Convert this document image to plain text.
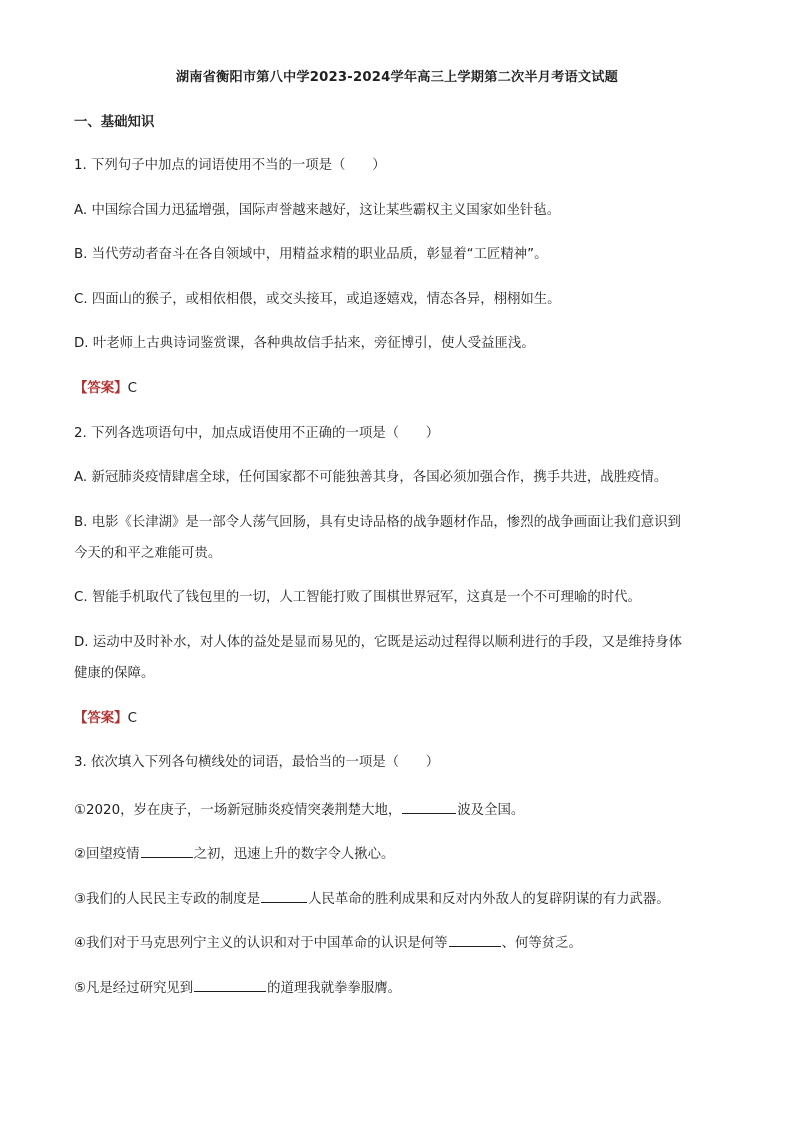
湖南省衡阳市第八中学2023-2024学年高三上学期第二次半月考语文试题
一、基础知识
1. 下列句子中加点的词语使用不当的一项是（　　）
A. 中国综合国力迅猛增强，国际声誉越来越好，这让某些霸权主义国家如坐针毡。
B. 当代劳动者奋斗在各自领域中，用精益求精的职业品质，彰显着“工匠精神”。
C. 四面山的猴子，或相依相偎，或交头接耳，或追逐嬉戏，情态各异，栩栩如生。
D. 叶老师上古典诗词鉴赏课，各种典故信手拈来，旁征博引，使人受益匪浅。
【答案】C
2. 下列各选项语句中，加点成语使用不正确的一项是（　　）
A. 新冠肺炎疫情肆虐全球，任何国家都不可能独善其身，各国必须加强合作，携手共进，战胜疫情。
B. 电影《长津湖》是一部令人荡气回肠，具有史诗品格的战争题材作品，惨烈的战争画面让我们意识到
今天的和平之难能可贵。
C. 智能手机取代了钱包里的一切，人工智能打败了围棋世界冠军，这真是一个不可理喻的时代。
D. 运动中及时补水，对人体的益处是显而易见的，它既是运动过程得以顺利进行的手段，又是维持身体
健康的保障。
【答案】C
3. 依次填入下列各句横线处的词语，最恰当的一项是（　　）
①2020，岁在庚子，一场新冠肺炎疫情突袭荆楚大地，	波及全国。
②回望疫情	之初，迅速上升的数字令人揪心。
③我们的人民民主专政的制度是	人民革命的胜利成果和反对内外敌人的复辟阴谋的有力武器。
④我们对于马克思列宁主义的认识和对于中国革命的认识是何等	、何等贫乏。
⑤凡是经过研究见到	的道理我就拳拳服膺。
